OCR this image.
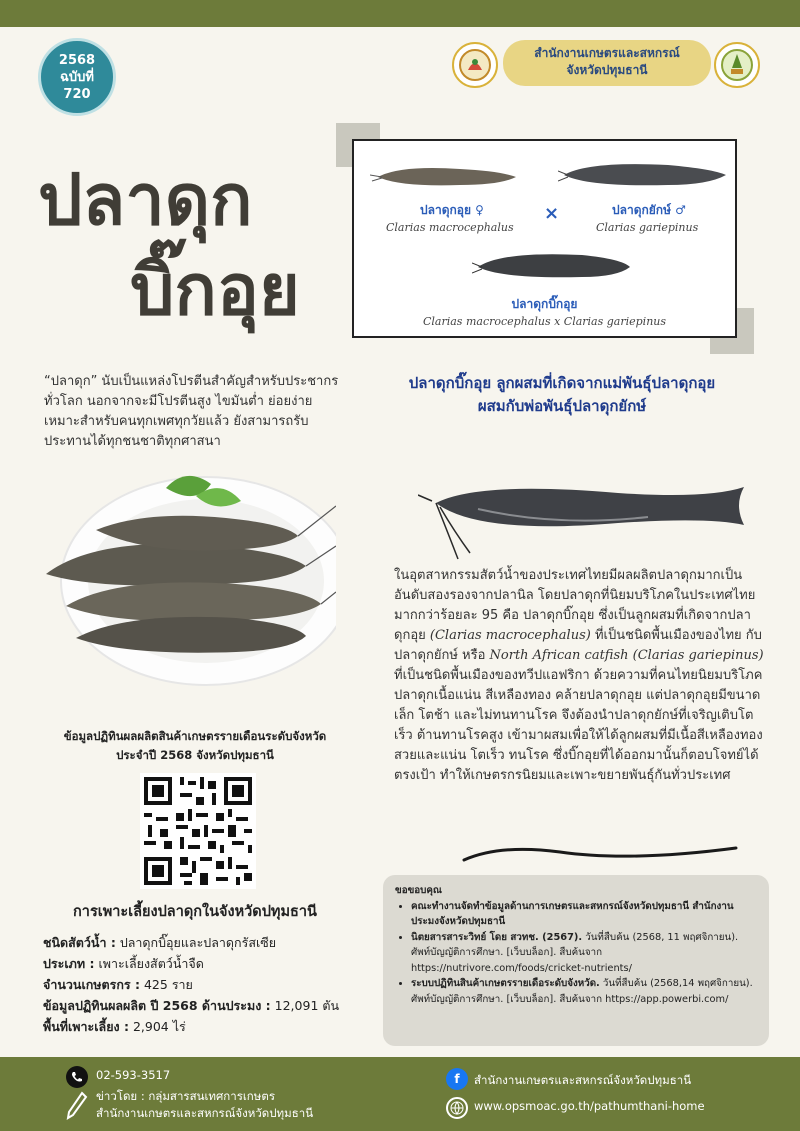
2568
ฉบับที่
720
สำนักงานเกษตรและสหกรณ์
จังหวัดปทุมธานี
ปลาดุก
บิ๊กอุย
ปลาดุกอุย ♀
Clarias macrocephalus
×	ปลาดุกยักษ์ ♂
Clarias gariepinus
ปลาดุกบิ๊กอุย
Clarias macrocephalus x Clarias gariepinus
“ปลาดุก” นับเป็นแหล่งโปรตีนสำคัญสำหรับประชากรทั่วโลก นอกจากจะมีโปรตีนสูง ไขมันต่ำ ย่อยง่าย เหมาะสำหรับคนทุกเพศทุกวัยแล้ว ยังสามารถรับประทานได้ทุกชนชาติทุกศาสนา
ปลาดุกบิ๊กอุย ลูกผสมที่เกิดจากแม่พันธุ์ปลาดุกอุย
ผสมกับพ่อพันธุ์ปลาดุกยักษ์
ในอุตสาหกรรมสัตว์น้ำของประเทศไทยมีผลผลิตปลาดุกมากเป็นอันดับสองรองจากปลานิล โดยปลาดุกที่นิยมบริโภคในประเทศไทยมากกว่าร้อยละ 95 คือ ปลาดุกบิ๊กอุย ซึ่งเป็นลูกผสมที่เกิดจากปลาดุกอุย (Clarias macrocephalus) ที่เป็นชนิดพื้นเมืองของไทย กับปลาดุกยักษ์ หรือ North African catfish (Clarias gariepinus) ที่เป็นชนิดพื้นเมืองของทวีปแอฟริกา ด้วยความที่คนไทยนิยมบริโภคปลาดุกเนื้อแน่น สีเหลืองทอง คล้ายปลาดุกอุย แต่ปลาดุกอุยมีขนาดเล็ก โตช้า และไม่ทนทานโรค จึงต้องนำปลาดุกยักษ์ที่เจริญเติบโตเร็ว ต้านทานโรคสูง เข้ามาผสมเพื่อให้ได้ลูกผสมที่มีเนื้อสีเหลืองทองสวยและแน่น โตเร็ว ทนโรค ซึ่งบิ๊กอุยที่ได้ออกมานั้นก็ตอบโจทย์ได้ตรงเป้า ทำให้เกษตรกรนิยมและเพาะขยายพันธุ์กันทั่วประเทศ
ข้อมูลปฏิทินผลผลิตสินค้าเกษตรรายเดือนระดับจังหวัด
ประจำปี 2568 จังหวัดปทุมธานี
การเพาะเลี้ยงปลาดุกในจังหวัดปทุมธานี
ชนิดสัตว์น้ำ : ปลาดุกบิ๊อุยและปลาดุกรัสเซีย
ประเภท : เพาะเลี้ยงสัตว์น้ำจืด
จำนวนเกษตรกร : 425 ราย
ข้อมูลปฏิทินผลผลิต ปี 2568 ด้านประมง : 12,091 ตัน
พื้นที่เพาะเลี้ยง : 2,904 ไร่
ขอขอบคุณ
• คณะทำงานจัดทำข้อมูลด้านการเกษตรและสหกรณ์จังหวัดปทุมธานี สำนักงานประมงจังหวัดปทุมธานี
• นิตยสารสาระวิทย์ โดย สวทช. (2567). วันที่สืบค้น (2568, 11 พฤศจิกายน). ศัพท์บัญญัติการศึกษา. [เว็บบล็อก]. สืบค้นจาก https://nutrivore.com/foods/cricket-nutrients/
• ระบบปฏิทินสินค้าเกษตรรายเดือระดับจังหวัด. วันที่สืบค้น (2568,14 พฤศจิกายน). ศัพท์บัญญัติการศึกษา. [เว็บบล็อก]. สืบค้นจาก https://app.powerbi.com/
02-593-3517
ข่าวโดย : กลุ่มสารสนเทศการเกษตร
สำนักงานเกษตรและสหกรณ์จังหวัดปทุมธานี
f	สำนักงานเกษตรและสหกรณ์จังหวัดปทุมธานี
www.opsmoac.go.th/pathumthani-home
